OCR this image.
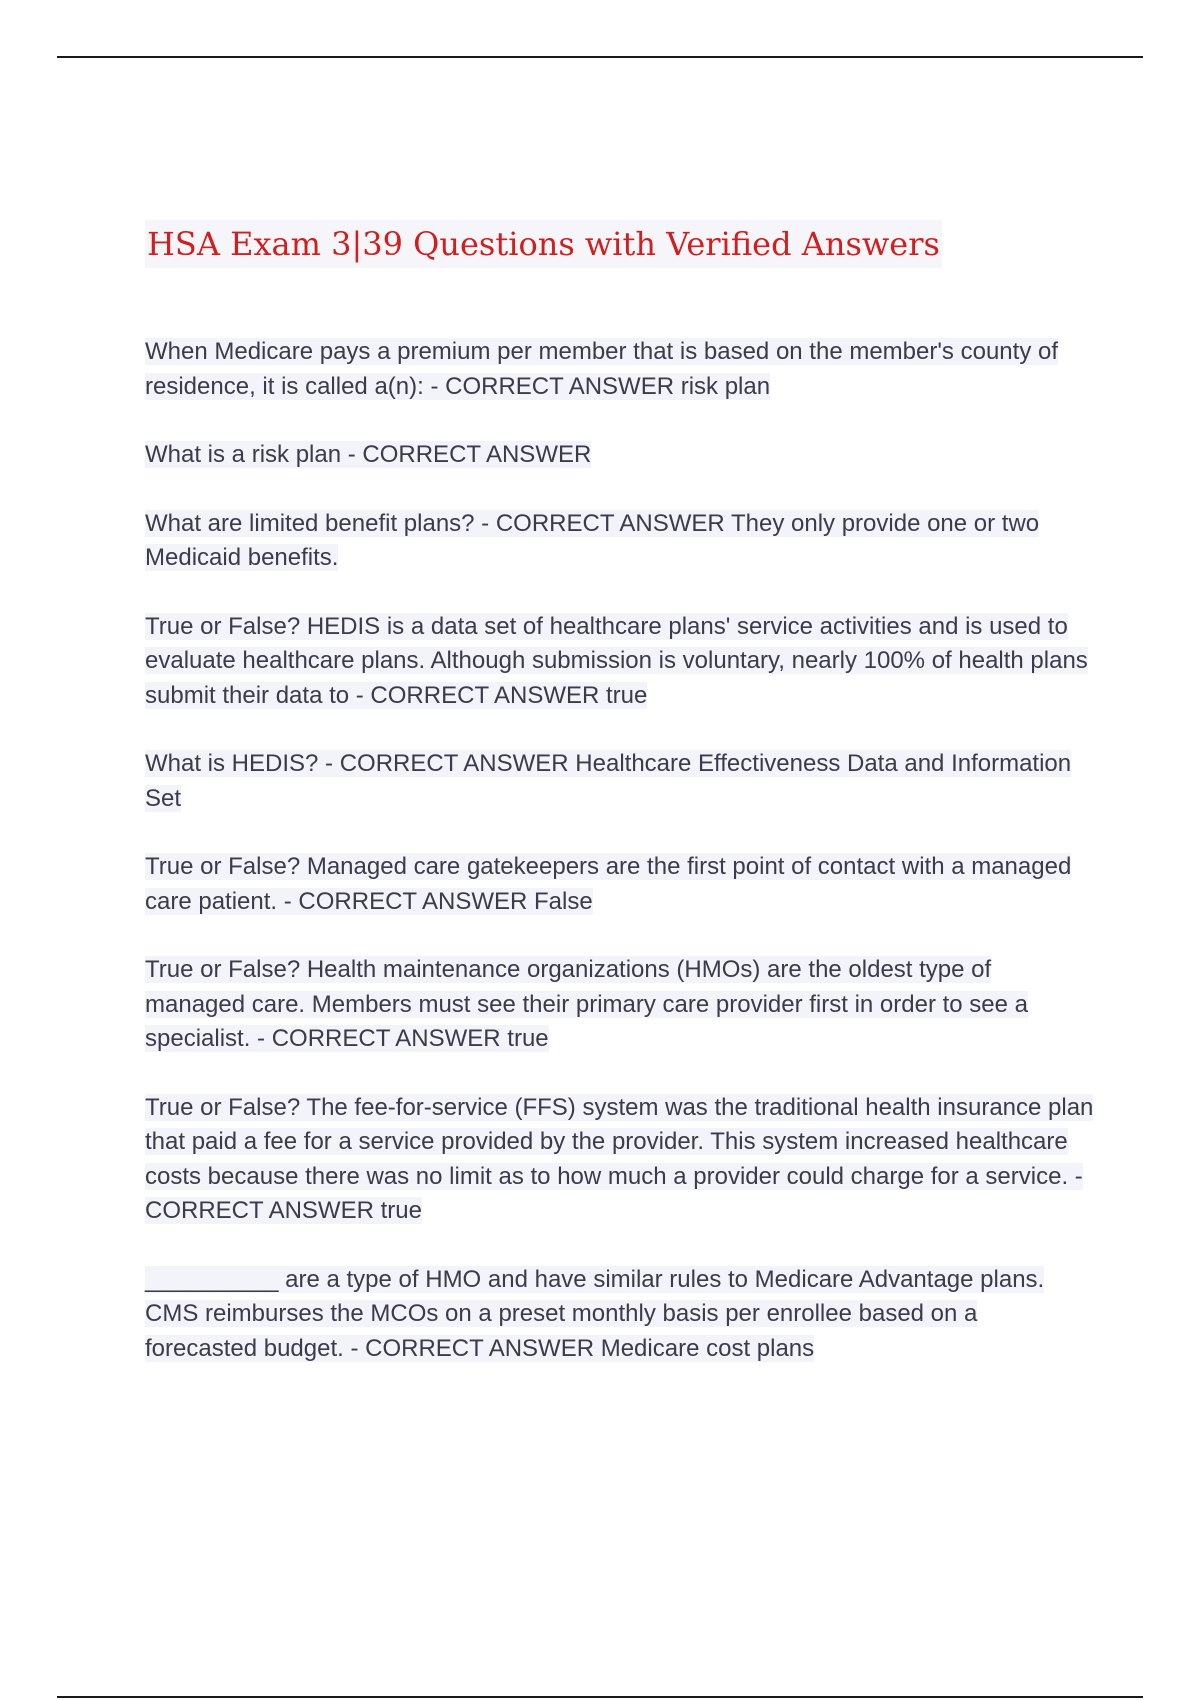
HSA Exam 3|39 Questions with Verified Answers
When Medicare pays a premium per member that is based on the member's county of residence, it is called a(n): - CORRECT ANSWER risk plan
What is a risk plan - CORRECT ANSWER
What are limited benefit plans? - CORRECT ANSWER They only provide one or two Medicaid benefits.
True or False? HEDIS is a data set of healthcare plans' service activities and is used to evaluate healthcare plans. Although submission is voluntary, nearly 100% of health plans submit their data to - CORRECT ANSWER true
What is HEDIS? - CORRECT ANSWER Healthcare Effectiveness Data and Information Set
True or False? Managed care gatekeepers are the first point of contact with a managed care patient. - CORRECT ANSWER False
True or False? Health maintenance organizations (HMOs) are the oldest type of managed care. Members must see their primary care provider first in order to see a specialist. - CORRECT ANSWER true
True or False? The fee-for-service (FFS) system was the traditional health insurance plan that paid a fee for a service provided by the provider. This system increased healthcare costs because there was no limit as to how much a provider could charge for a service. - CORRECT ANSWER true
__________ are a type of HMO and have similar rules to Medicare Advantage plans. CMS reimburses the MCOs on a preset monthly basis per enrollee based on a forecasted budget. - CORRECT ANSWER Medicare cost plans
